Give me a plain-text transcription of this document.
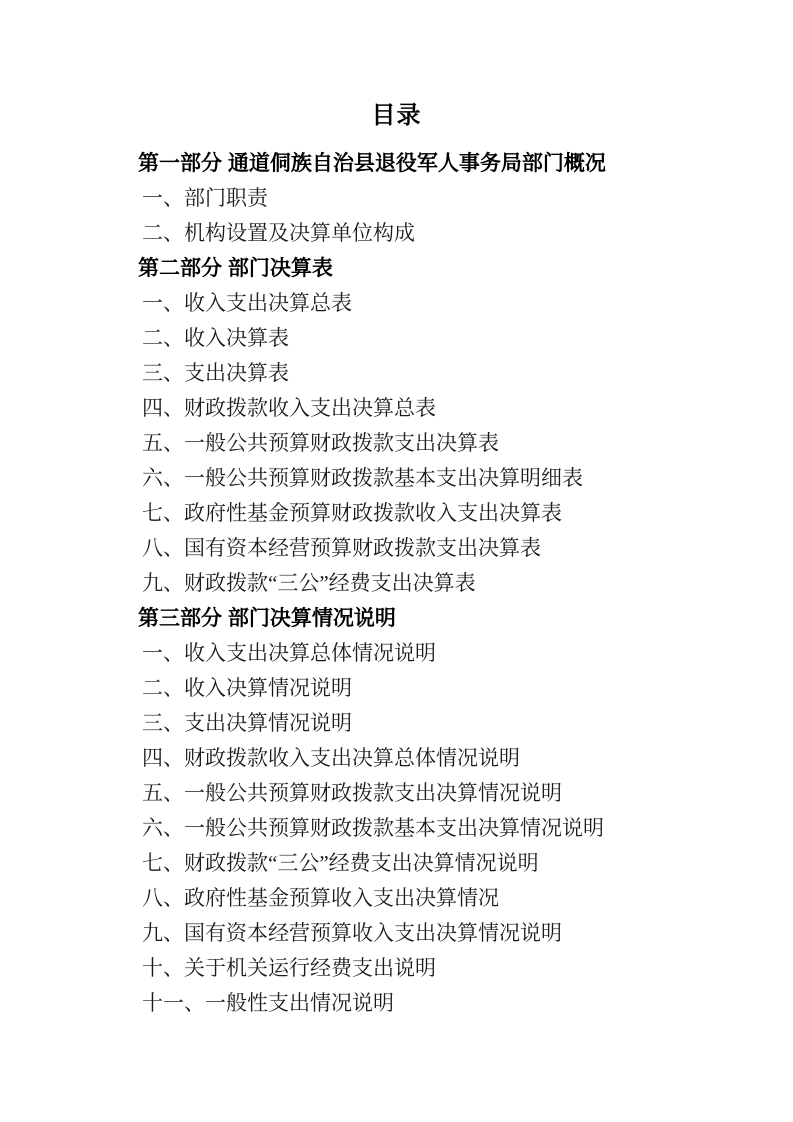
目录
第一部分 通道侗族自治县退役军人事务局部门概况
一、部门职责
二、机构设置及决算单位构成
第二部分 部门决算表
一、收入支出决算总表
二、收入决算表
三、支出决算表
四、财政拨款收入支出决算总表
五、一般公共预算财政拨款支出决算表
六、一般公共预算财政拨款基本支出决算明细表
七、政府性基金预算财政拨款收入支出决算表
八、国有资本经营预算财政拨款支出决算表
九、财政拨款“三公”经费支出决算表
第三部分 部门决算情况说明
一、收入支出决算总体情况说明
二、收入决算情况说明
三、支出决算情况说明
四、财政拨款收入支出决算总体情况说明
五、一般公共预算财政拨款支出决算情况说明
六、一般公共预算财政拨款基本支出决算情况说明
七、财政拨款“三公”经费支出决算情况说明
八、政府性基金预算收入支出决算情况
九、国有资本经营预算收入支出决算情况说明
十、关于机关运行经费支出说明
十一、一般性支出情况说明
